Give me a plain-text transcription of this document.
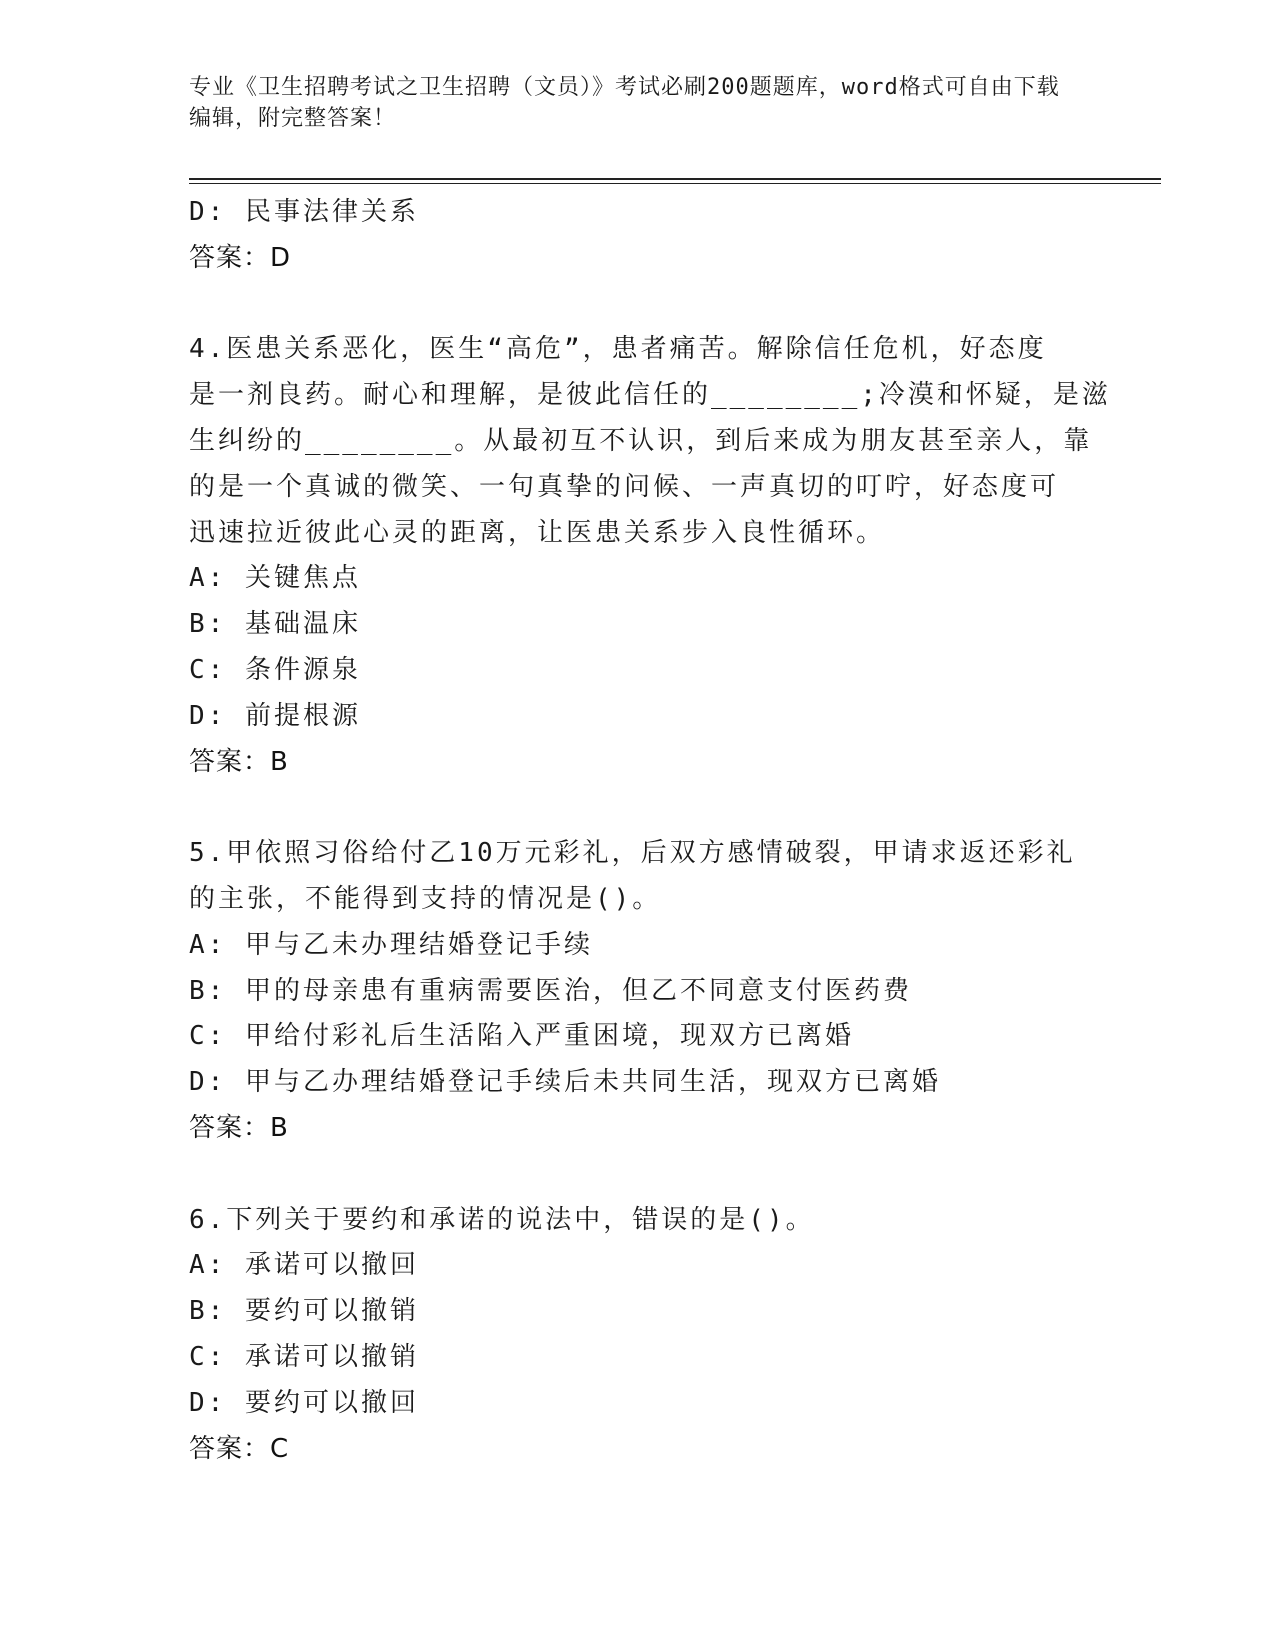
专业《卫生招聘考试之卫生招聘（文员）》考试必刷200题题库，word格式可自由下载编辑，附完整答案！
D: 民事法律关系
答案：D
4.医患关系恶化，医生“高危”，患者痛苦。解除信任危机，好态度
是一剂良药。耐心和理解，是彼此信任的________;冷漠和怀疑，是滋
生纠纷的________。从最初互不认识，到后来成为朋友甚至亲人，靠
的是一个真诚的微笑、一句真挚的问候、一声真切的叮咛，好态度可
迅速拉近彼此心灵的距离，让医患关系步入良性循环。
A: 关键焦点
B: 基础温床
C: 条件源泉
D: 前提根源
答案：B
5.甲依照习俗给付乙10万元彩礼，后双方感情破裂，甲请求返还彩礼
的主张，不能得到支持的情况是()。
A: 甲与乙未办理结婚登记手续
B: 甲的母亲患有重病需要医治，但乙不同意支付医药费
C: 甲给付彩礼后生活陷入严重困境，现双方已离婚
D: 甲与乙办理结婚登记手续后未共同生活，现双方已离婚
答案：B
6.下列关于要约和承诺的说法中，错误的是()。
A: 承诺可以撤回
B: 要约可以撤销
C: 承诺可以撤销
D: 要约可以撤回
答案：C
